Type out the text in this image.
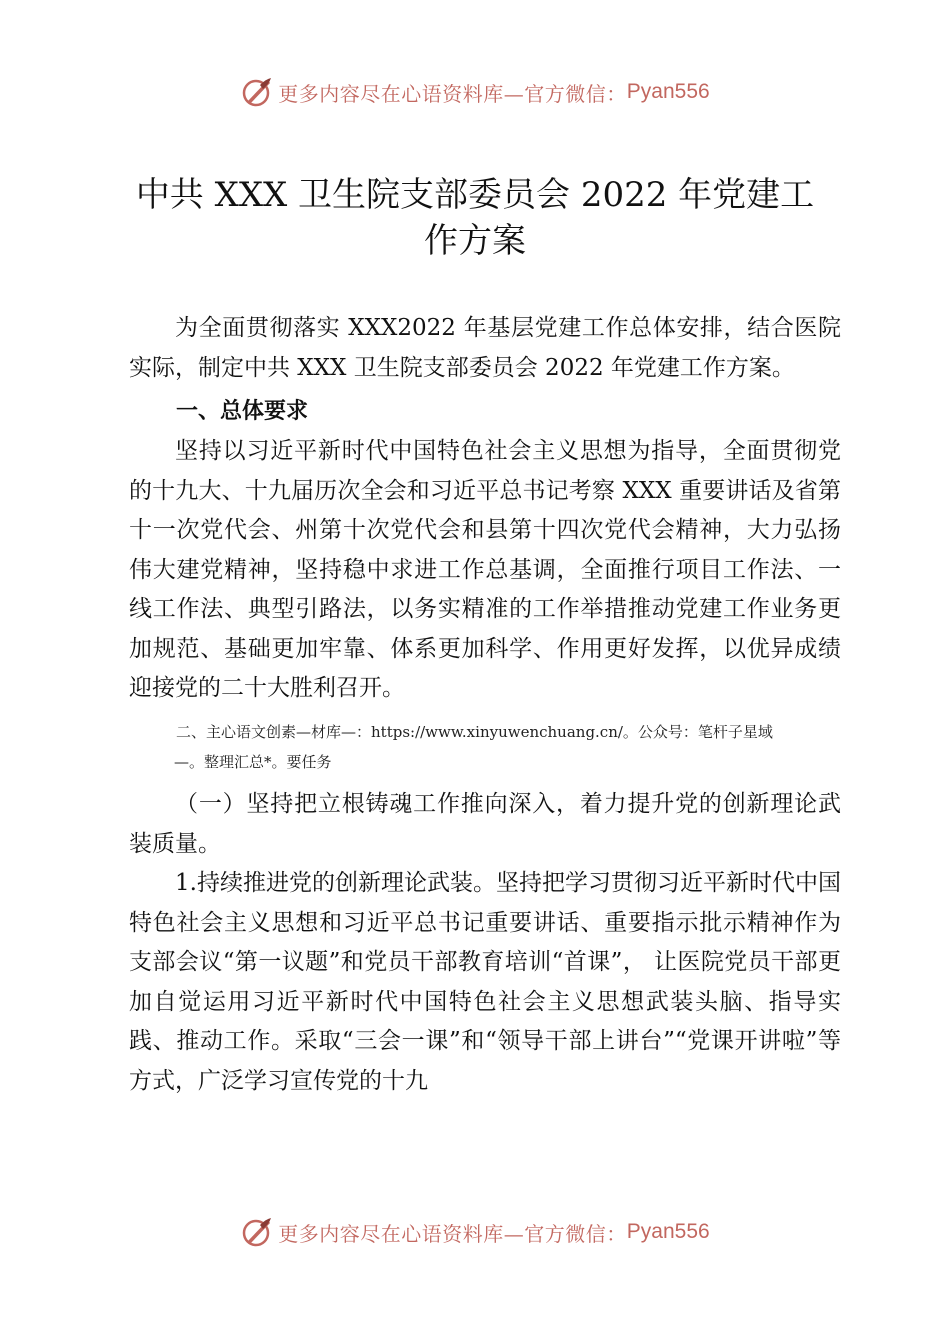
更多内容尽在心语资料库—官方微信： Pyan556
中共 XXX 卫生院支部委员会 2022 年党建工
作方案
为全面贯彻落实 XXX2022 年基层党建工作总体安排，结合医院实际，制定中共 XXX 卫生院支部委员会 2022 年党建工作方案。
一、总体要求
坚持以习近平新时代中国特色社会主义思想为指导，全面贯彻党的十九大、十九届历次全会和习近平总书记考察 XXX 重要讲话及省第十一次党代会、州第十次党代会和县第十四次党代会精神，大力弘扬伟大建党精神，坚持稳中求进工作总基调，全面推行项目工作法、一线工作法、典型引路法，以务实精准的工作举措推动党建工作业务更加规范、基础更加牢靠、体系更加科学、作用更好发挥，以优异成绩迎接党的二十大胜利召开。
二、主心语文创素—材库—：https://www.xinyuwenchuang.cn/。公众号：笔杆子星域
—。整理汇总*。要任务
（一）坚持把立根铸魂工作推向深入，着力提升党的创新理论武装质量。
1.持续推进党的创新理论武装。坚持把学习贯彻习近平新时代中国特色社会主义思想和习近平总书记重要讲话、重要指示批示精神作为支部会议“第一议题”和党员干部教育培训“首课”， 让医院党员干部更加自觉运用习近平新时代中国特色社会主义思想武装头脑、指导实践、推动工作。采取“三会一课”和“领导干部上讲台”“党课开讲啦”等方式，广泛学习宣传党的十九
更多内容尽在心语资料库—官方微信： Pyan556
